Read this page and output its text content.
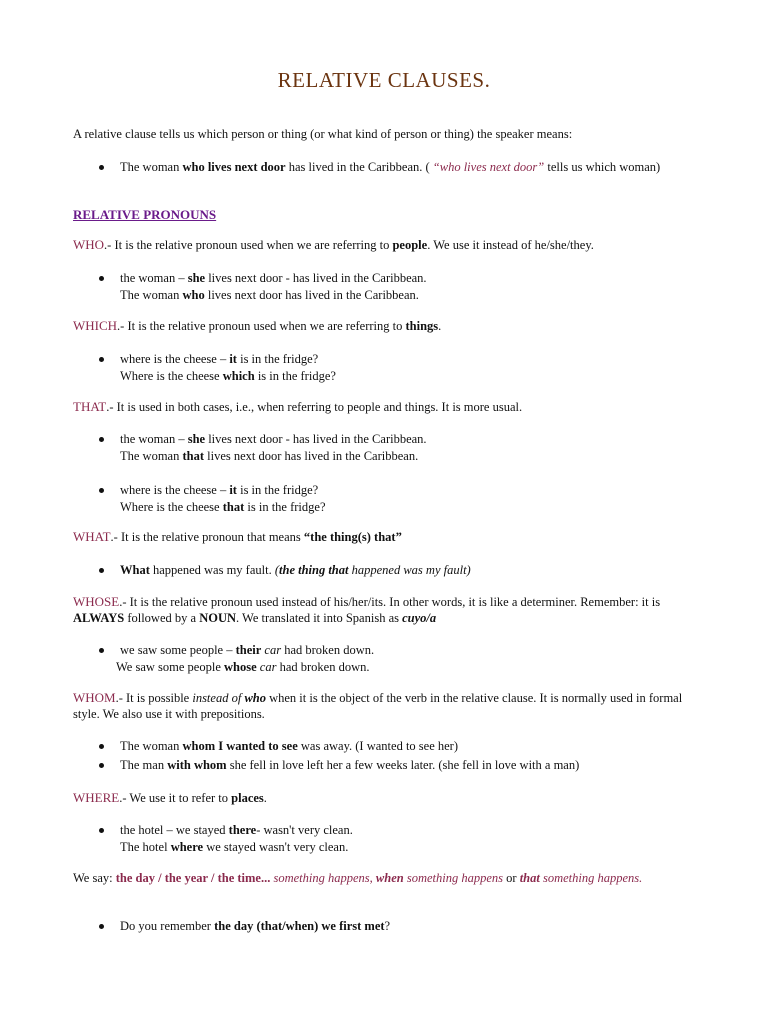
RELATIVE CLAUSES.

A relative clause tells us which person or thing (or what kind of person or thing) the speaker means:

The woman who lives next door has lived in the Caribbean. ( “who lives next door” tells us which woman)

RELATIVE PRONOUNS

WHO.- It is the relative pronoun used when we are referring to people. We use it instead of he/she/they.

the woman – she lives next door - has lived in the Caribbean.
The woman who lives next door has lived in the Caribbean.

WHICH.- It is the relative pronoun used when we are referring to things.

where is the cheese – it is in the fridge?
Where is the cheese which is in the fridge?

THAT.- It is used in both cases, i.e., when referring to people and things. It is more usual.

the woman – she lives next door - has lived in the Caribbean.
The woman that lives next door has lived in the Caribbean.

where is the cheese – it is in the fridge?
Where is the cheese that is in the fridge?

WHAT.- It is the relative pronoun that means “the thing(s) that”

What happened was my fault. (the thing that happened was my fault)

WHOSE.- It is the relative pronoun used instead of his/her/its. In other words, it is like a determiner. Remember: it is ALWAYS followed by a NOUN. We translated it into Spanish as cuyo/a

we saw some people – their car had broken down.
We saw some people whose car had broken down.

WHOM.- It is possible instead of who when it is the object of the verb in the relative clause. It is normally used in formal style. We also use it with prepositions.

The woman whom I wanted to see was away. (I wanted to see her)

The man with whom she fell in love left her a few weeks later. (she fell in love with a man)

WHERE.- We use it to refer to places.

the hotel – we stayed there- wasn't very clean.
The hotel where we stayed wasn't very clean.

We say: the day / the year / the time... something happens, when something happens or that something happens.

Do you remember the day (that/when) we first met?
